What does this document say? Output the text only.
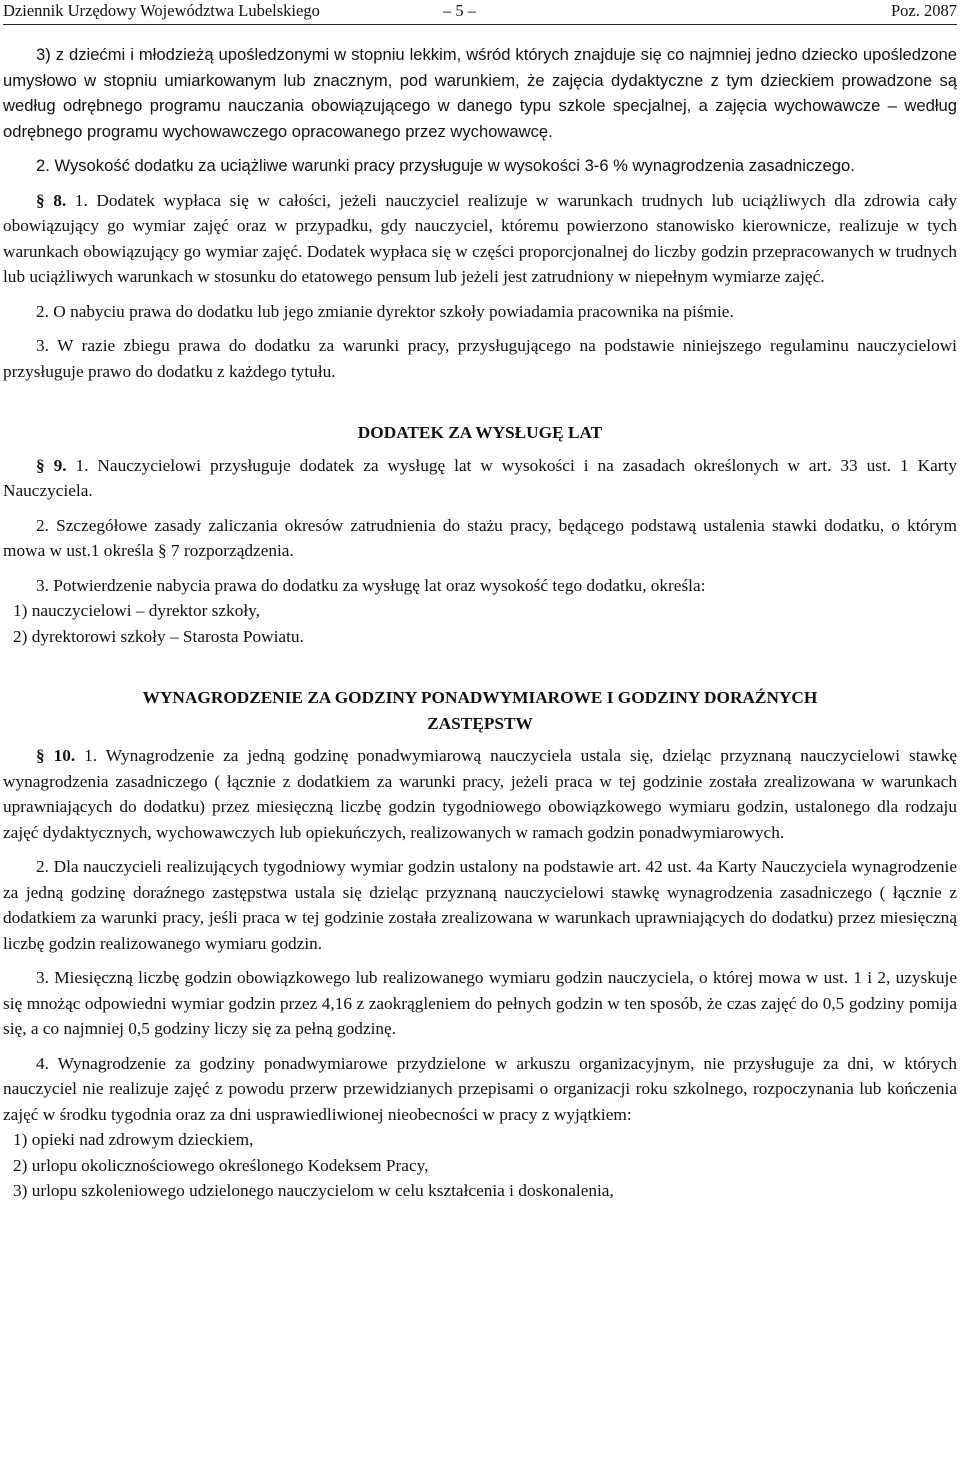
Dziennik Urzędowy Województwa Lubelskiego	– 5 –	Poz. 2087

3) z dziećmi i młodzieżą upośledzonymi w stopniu lekkim, wśród których znajduje się co najmniej jedno dziecko upośledzone umysłowo w stopniu umiarkowanym lub znacznym, pod warunkiem, że zajęcia dydaktyczne z tym dzieckiem prowadzone są według odrębnego programu nauczania obowiązującego w danego typu szkole specjalnej, a zajęcia wychowawcze – według odrębnego programu wychowawczego opracowanego przez wychowawcę.

2. Wysokość dodatku za uciążliwe warunki pracy przysługuje w wysokości 3-6 % wynagrodzenia zasadniczego.

§ 8. 1. Dodatek wypłaca się w całości, jeżeli nauczyciel realizuje w warunkach trudnych lub uciążliwych dla zdrowia cały obowiązujący go wymiar zajęć oraz w przypadku, gdy nauczyciel, któremu powierzono stanowisko kierownicze, realizuje w tych warunkach obowiązujący go wymiar zajęć. Dodatek wypłaca się w części proporcjonalnej do liczby godzin przepracowanych w trudnych lub uciążliwych warunkach w stosunku do etatowego pensum lub jeżeli jest zatrudniony w niepełnym wymiarze zajęć.

2. O nabyciu prawa do dodatku lub jego zmianie dyrektor szkoły powiadamia pracownika na piśmie.

3. W razie zbiegu prawa do dodatku za warunki pracy, przysługującego na podstawie niniejszego regulaminu nauczycielowi przysługuje prawo do dodatku z każdego tytułu.

DODATEK ZA WYSŁUGĘ LAT

§ 9. 1. Nauczycielowi przysługuje dodatek za wysługę lat w wysokości i na zasadach określonych w art. 33 ust. 1 Karty Nauczyciela.

2. Szczegółowe zasady zaliczania okresów zatrudnienia do stażu pracy, będącego podstawą ustalenia stawki dodatku, o którym mowa w ust.1 określa § 7 rozporządzenia.

3. Potwierdzenie nabycia prawa do dodatku za wysługę lat oraz wysokość tego dodatku, określa:

1) nauczycielowi – dyrektor szkoły,

2) dyrektorowi szkoły – Starosta Powiatu.

WYNAGRODZENIE ZA GODZINY PONADWYMIAROWE I GODZINY DORAŹNYCH

ZASTĘPSTW

§ 10. 1. Wynagrodzenie za jedną godzinę ponadwymiarową nauczyciela ustala się, dzieląc przyznaną nauczycielowi stawkę wynagrodzenia zasadniczego ( łącznie z dodatkiem za warunki pracy, jeżeli praca w tej godzinie została zrealizowana w warunkach uprawniających do dodatku) przez miesięczną liczbę godzin tygodniowego obowiązkowego wymiaru godzin, ustalonego dla rodzaju zajęć dydaktycznych, wychowawczych lub opiekuńczych, realizowanych w ramach godzin ponadwymiarowych.

2. Dla nauczycieli realizujących tygodniowy wymiar godzin ustalony na podstawie art. 42 ust. 4a Karty Nauczyciela wynagrodzenie za jedną godzinę doraźnego zastępstwa ustala się dzieląc przyznaną nauczycielowi stawkę wynagrodzenia zasadniczego ( łącznie z dodatkiem za warunki pracy, jeśli praca w tej godzinie została zrealizowana w warunkach uprawniających do dodatku) przez miesięczną liczbę godzin realizowanego wymiaru godzin.

3. Miesięczną liczbę godzin obowiązkowego lub realizowanego wymiaru godzin nauczyciela, o której mowa w ust. 1 i 2, uzyskuje się mnożąc odpowiedni wymiar godzin przez 4,16 z zaokrągleniem do pełnych godzin w ten sposób, że czas zajęć do 0,5 godziny pomija się, a co najmniej 0,5 godziny liczy się za pełną godzinę.

4. Wynagrodzenie za godziny ponadwymiarowe przydzielone w arkuszu organizacyjnym, nie przysługuje za dni, w których nauczyciel nie realizuje zajęć z powodu przerw przewidzianych przepisami o organizacji roku szkolnego, rozpoczynania lub kończenia zajęć w środku tygodnia oraz za dni usprawiedliwionej nieobecności w pracy z wyjątkiem:

1) opieki nad zdrowym dzieckiem,

2) urlopu okolicznościowego określonego Kodeksem Pracy,

3) urlopu szkoleniowego udzielonego nauczycielom w celu kształcenia i doskonalenia,
